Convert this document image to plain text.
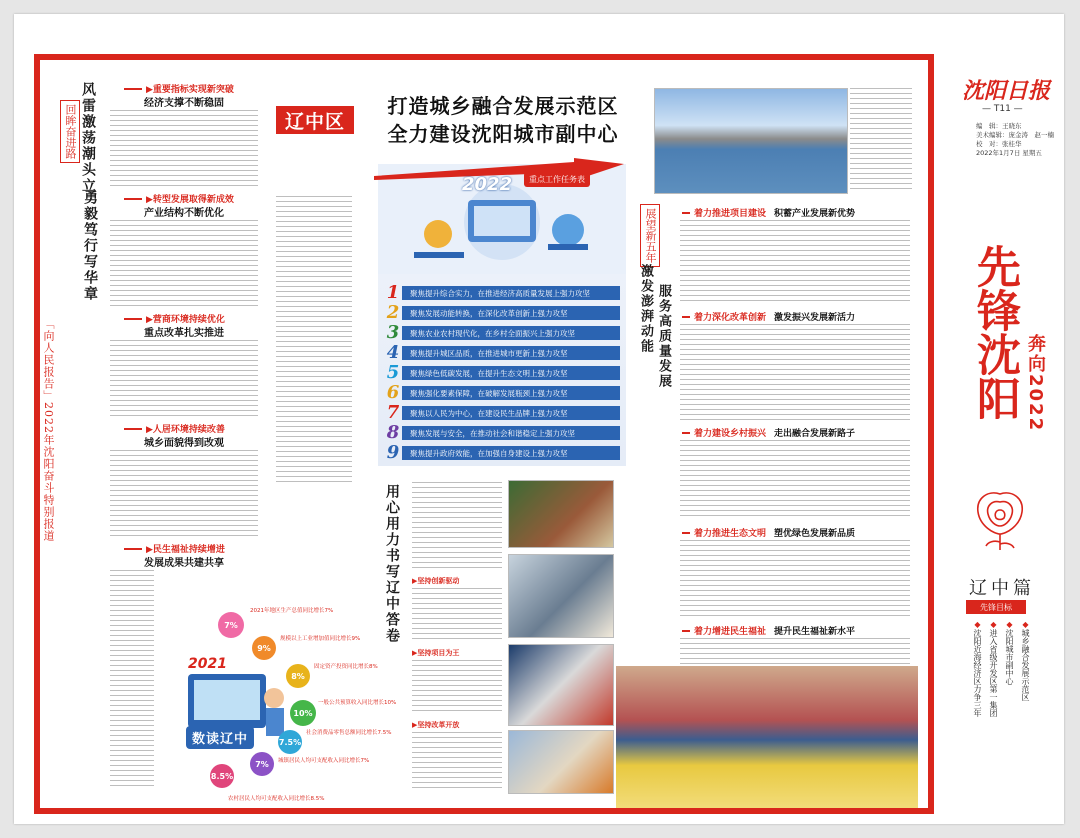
「向人民报告」2022年沈阳奋斗特别报道
回眸奋进路 风雷激荡潮头立
勇毅笃行写华章
▶重要指标实现新突破
经济支撑不断稳固
▶转型发展取得新成效
产业结构不断优化
▶营商环境持续优化
重点改革扎实推进
▶人居环境持续改善
城乡面貌得到改观
▶民生福祉持续增进
发展成果共建共享
辽中区
打造城乡融合发展示范区
全力建设沈阳城市副中心
2022	重点工作任务表
1	聚焦提升综合实力，在推进经济高质量发展上强力攻坚
2	聚焦发展动能转换，在深化改革创新上强力攻坚
3	聚焦农业农村现代化，在乡村全面振兴上强力攻坚
4	聚焦提升城区品质，在推进城市更新上强力攻坚
5	聚焦绿色低碳发展，在提升生态文明上强力攻坚
6	聚焦强化要素保障，在破解发展瓶颈上强力攻坚
7	聚焦以人民为中心，在建设民生品牌上强力攻坚
8	聚焦发展与安全，在推动社会和谐稳定上强力攻坚
9	聚焦提升政府效能，在加强自身建设上强力攻坚
用心用力书写辽中答卷 ▶坚持创新驱动
▶坚持项目为王
▶坚持改革开放
2021
数读辽中
7%
2021年地区生产总值同比增长7%
9%
规模以上工业增加值同比增长9%
8%
固定资产投资同比增长8%
10%
一般公共预算收入同比增长10%
7.5%
社会消费品零售总额同比增长7.5%
7%	城镇居民人均可支配收入同比增长7%
8.5%
农村居民人均可支配收入同比增长8.5%
展望新五年
激发澎湃动能 服务高质量发展
着力推进项目建设 积蓄产业发展新优势
着力深化改革创新 激发振兴发展新活力
着力建设乡村振兴 走出融合发展新路子
着力推进生态文明 塑优绿色发展新品质
着力增进民生福祉 提升民生福祉新水平
沈阳日报
— T11 —
编　辑：王晓东
美术编辑：庞金涛　赵一楠
校　对：张桂华
2022年1月7日 星期五
先锋沈阳 奔向2022
辽中篇
先锋目标
◆
城乡融合发展示范区
◆
沈阳城市副中心
◆
进入省级开发区第一集团
◆
沈阳近海经济区力争三年
